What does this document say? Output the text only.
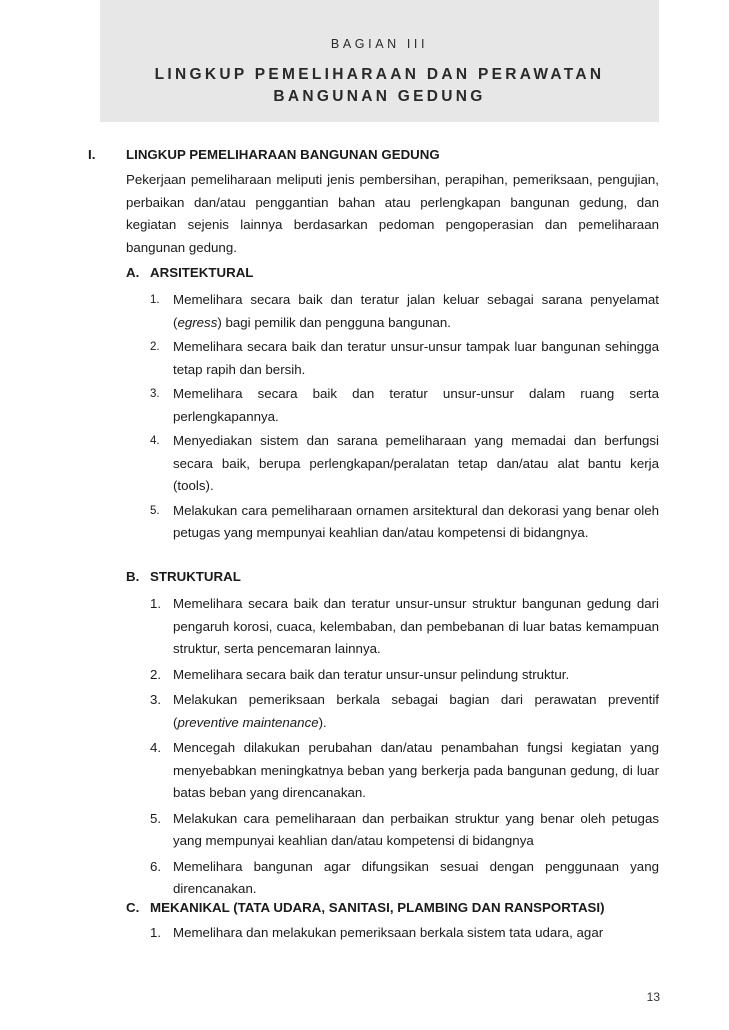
BAGIAN III
LINGKUP PEMELIHARAAN DAN PERAWATAN
BANGUNAN GEDUNG
I. LINGKUP PEMELIHARAAN BANGUNAN GEDUNG
Pekerjaan pemeliharaan meliputi jenis pembersihan, perapihan, pemeriksaan, pengujian, perbaikan dan/atau penggantian bahan atau perlengkapan bangunan gedung, dan kegiatan sejenis lainnya berdasarkan pedoman pengoperasian dan pemeliharaan bangunan gedung.
A. ARSITEKTURAL
1. Memelihara secara baik dan teratur jalan keluar sebagai sarana penyelamat (egress) bagi pemilik dan pengguna bangunan.
2. Memelihara secara baik dan teratur unsur-unsur tampak luar bangunan sehingga tetap rapih dan bersih.
3. Memelihara secara baik dan teratur unsur-unsur dalam ruang serta perlengkapannya.
4. Menyediakan sistem dan sarana pemeliharaan yang memadai dan berfungsi secara baik, berupa perlengkapan/peralatan tetap dan/atau alat bantu kerja (tools).
5. Melakukan cara pemeliharaan ornamen arsitektural dan dekorasi yang benar oleh petugas yang mempunyai keahlian dan/atau kompetensi di bidangnya.
B. STRUKTURAL
1. Memelihara secara baik dan teratur unsur-unsur struktur bangunan gedung dari pengaruh korosi, cuaca, kelembaban, dan pembebanan di luar batas kemampuan struktur, serta pencemaran lainnya.
2. Memelihara secara baik dan teratur unsur-unsur pelindung struktur.
3. Melakukan pemeriksaan berkala sebagai bagian dari perawatan preventif (preventive maintenance).
4. Mencegah dilakukan perubahan dan/atau penambahan fungsi kegiatan yang menyebabkan meningkatnya beban yang berkerja pada bangunan gedung, di luar batas beban yang direncanakan.
5. Melakukan cara pemeliharaan dan perbaikan struktur yang benar oleh petugas yang mempunyai keahlian dan/atau kompetensi di bidangnya
6. Memelihara bangunan agar difungsikan sesuai dengan penggunaan yang direncanakan.
C. MEKANIKAL (TATA UDARA, SANITASI, PLAMBING DAN RANSPORTASI)
1. Memelihara dan melakukan pemeriksaan berkala sistem tata udara, agar
13
